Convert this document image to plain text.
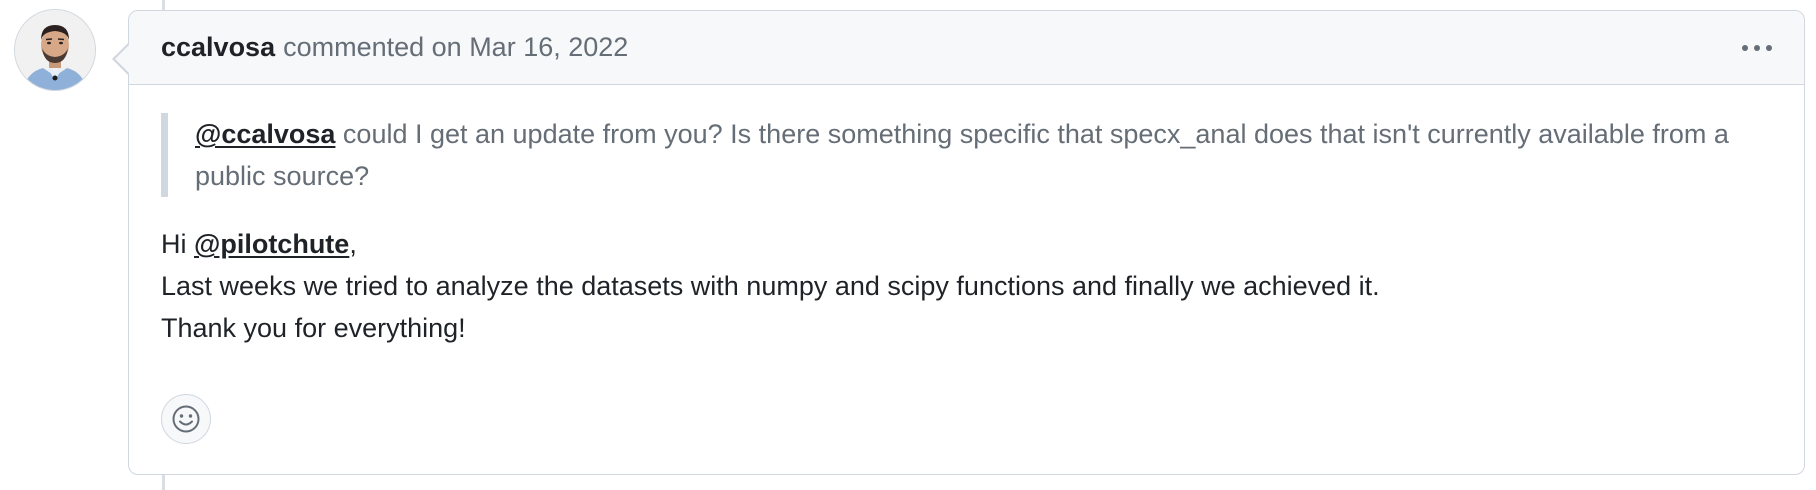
ccalvosa commented on Mar 16, 2022
@ccalvosa could I get an update from you? Is there something specific that specx_anal does that isn't currently available from a public source?

Hi @pilotchute,

Last weeks we tried to analyze the datasets with numpy and scipy functions and finally we achieved it.

Thank you for everything!
